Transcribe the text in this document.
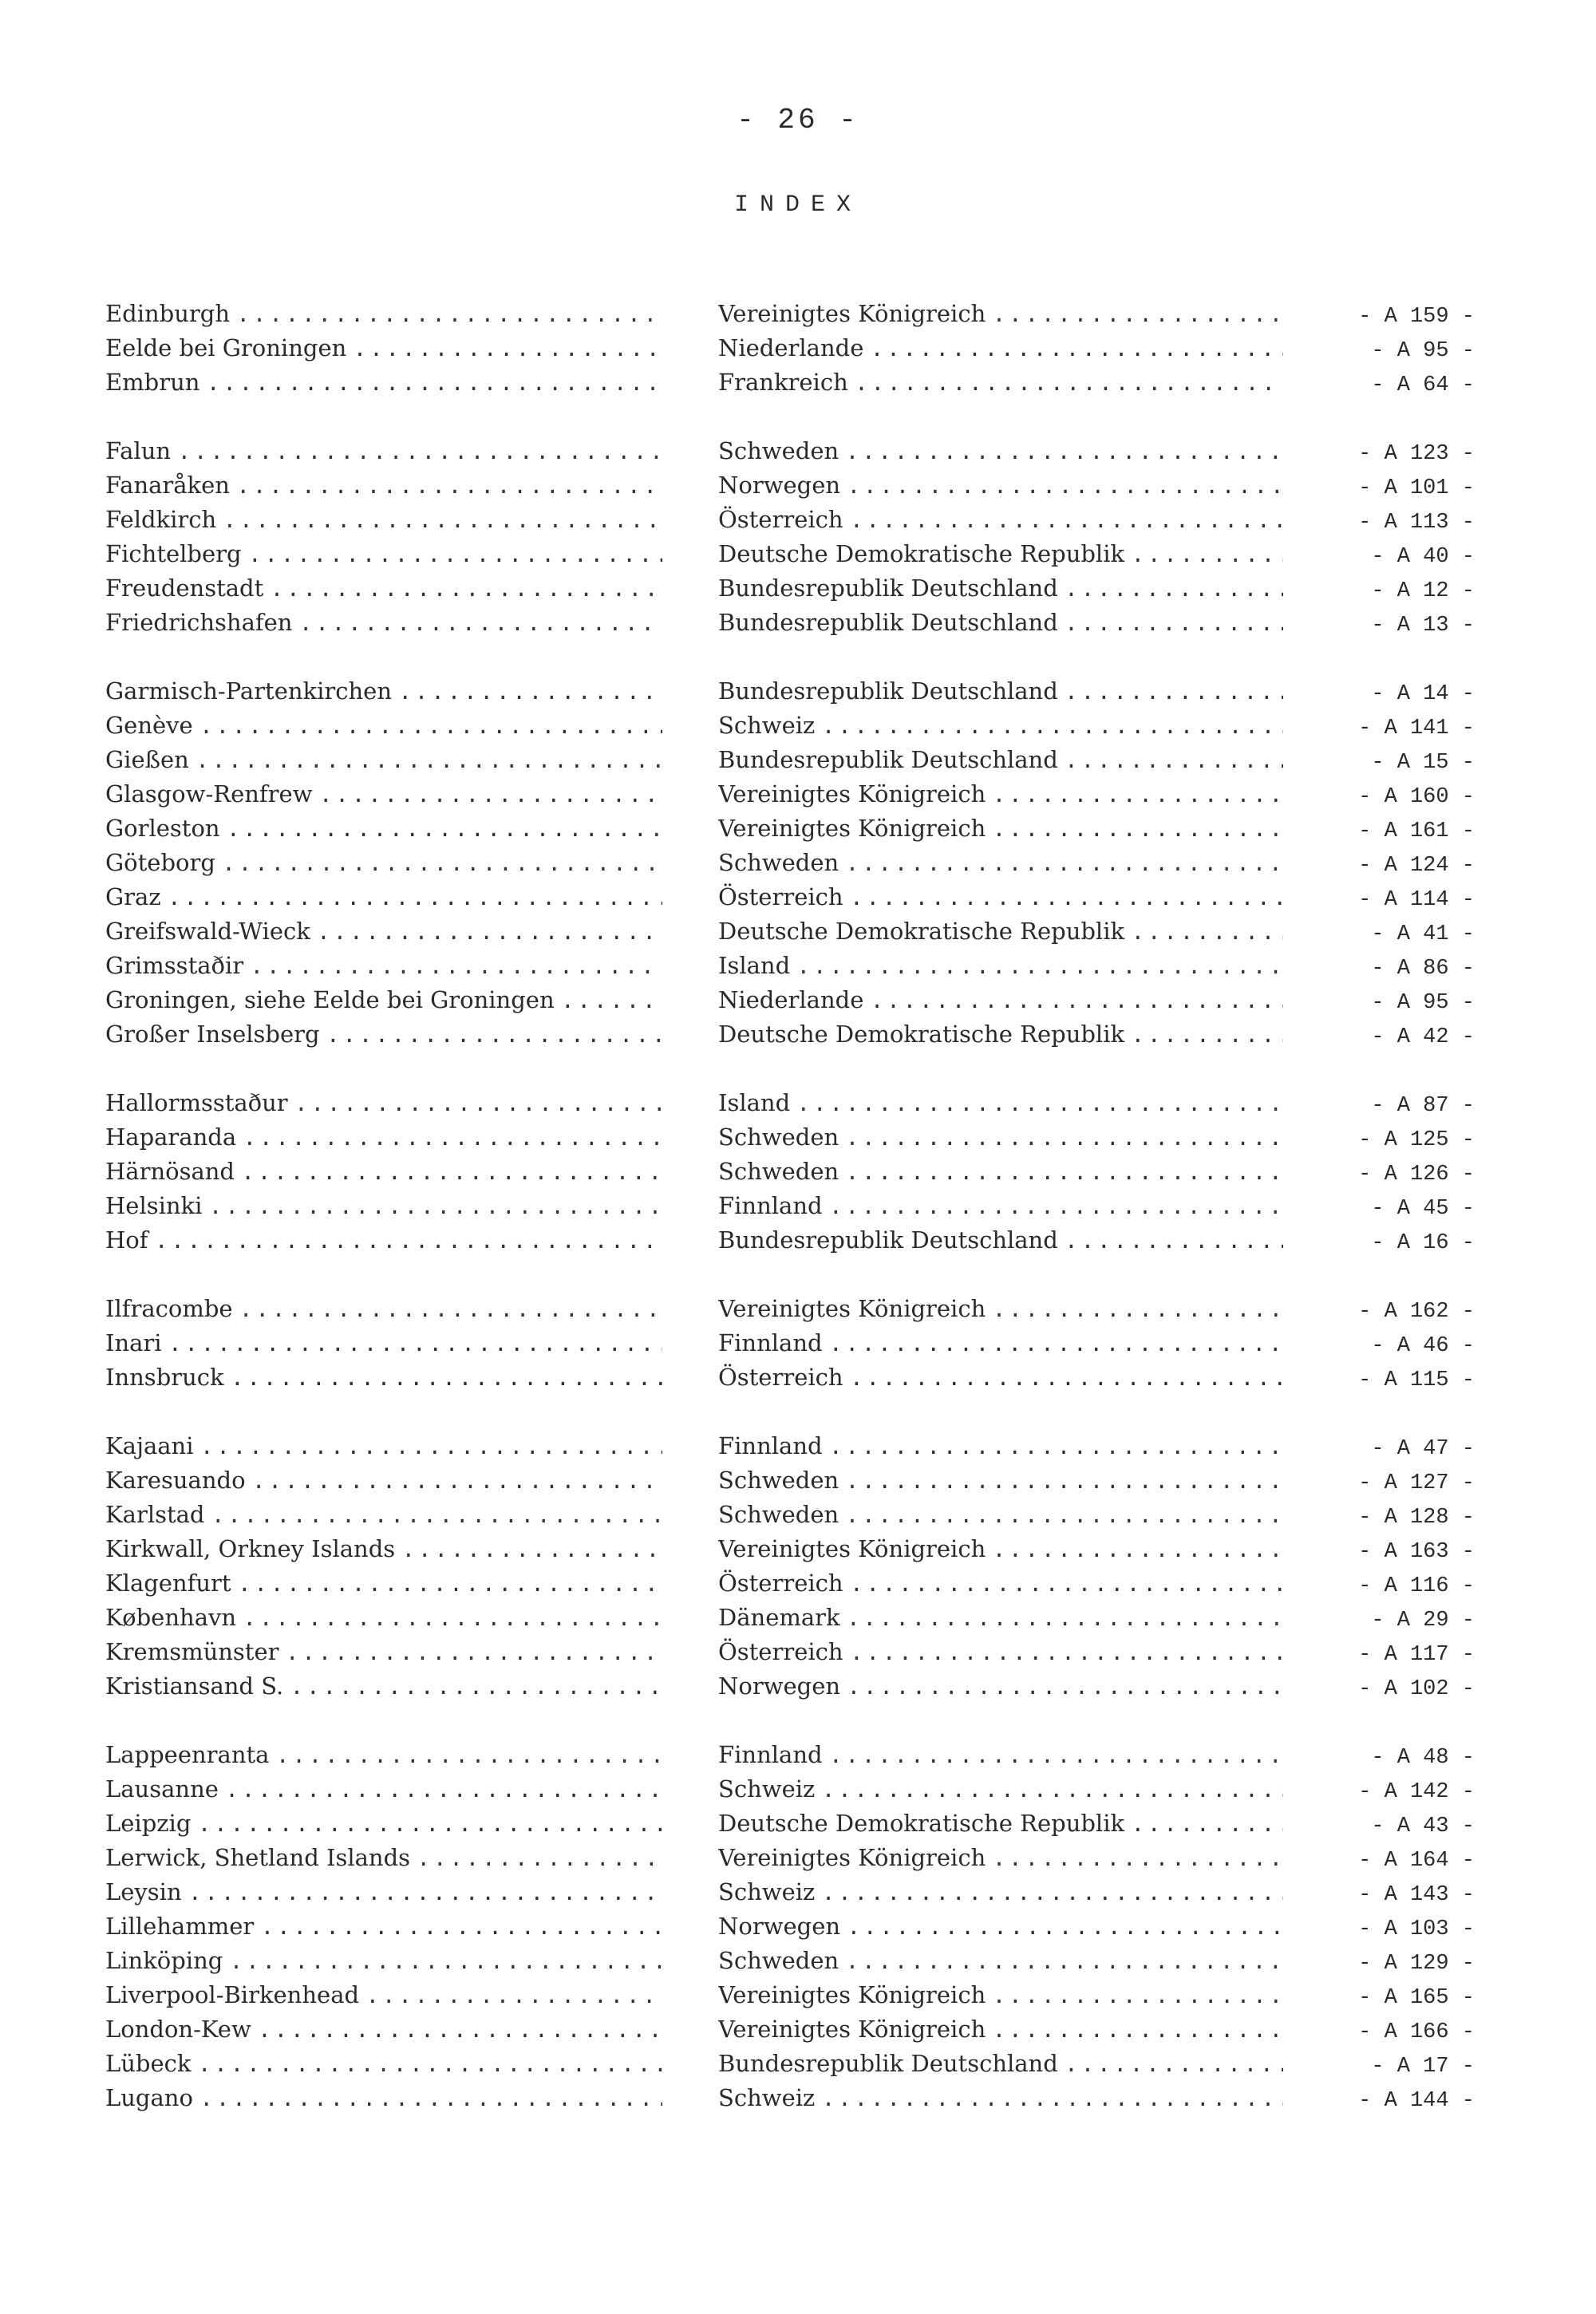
- 26 -
INDEX
Edinburgh .....	Vereinigtes Königreich .....	- A 159 -
Eelde bei Groningen .....	Niederlande .....	- A 95 -
Embrun .....	Frankreich .....	- A 64 -
Falun .....	Schweden .....	- A 123 -
Fanaråken .....	Norwegen .....	- A 101 -
Feldkirch .....	Österreich .....	- A 113 -
Fichtelberg .....	Deutsche Demokratische Republik .....	- A 40 -
Freudenstadt .....	Bundesrepublik Deutschland .....	- A 12 -
Friedrichshafen .....	Bundesrepublik Deutschland .....	- A 13 -
Garmisch-Partenkirchen .....	Bundesrepublik Deutschland .....	- A 14 -
Genève .....	Schweiz .....	- A 141 -
Gießen .....	Bundesrepublik Deutschland .....	- A 15 -
Glasgow-Renfrew .....	Vereinigtes Königreich .....	- A 160 -
Gorleston .....	Vereinigtes Königreich .....	- A 161 -
Göteborg .....	Schweden .....	- A 124 -
Graz .....	Österreich .....	- A 114 -
Greifswald-Wieck .....	Deutsche Demokratische Republik .....	- A 41 -
Grimsstaðir .....	Island .....	- A 86 -
Groningen, siehe Eelde bei Groningen .....	Niederlande .....	- A 95 -
Großer Inselsberg .....	Deutsche Demokratische Republik .....	- A 42 -
Hallormsstaður .....	Island .....	- A 87 -
Haparanda .....	Schweden .....	- A 125 -
Härnösand .....	Schweden .....	- A 126 -
Helsinki .....	Finnland .....	- A 45 -
Hof .....	Bundesrepublik Deutschland .....	- A 16 -
Ilfracombe .....	Vereinigtes Königreich .....	- A 162 -
Inari .....	Finnland .....	- A 46 -
Innsbruck .....	Österreich .....	- A 115 -
Kajaani .....	Finnland .....	- A 47 -
Karesuando .....	Schweden .....	- A 127 -
Karlstad .....	Schweden .....	- A 128 -
Kirkwall, Orkney Islands .....	Vereinigtes Königreich .....	- A 163 -
Klagenfurt .....	Österreich .....	- A 116 -
København .....	Dänemark .....	- A 29 -
Kremsmünster .....	Österreich .....	- A 117 -
Kristiansand S. .....	Norwegen .....	- A 102 -
Lappeenranta .....	Finnland .....	- A 48 -
Lausanne .....	Schweiz .....	- A 142 -
Leipzig .....	Deutsche Demokratische Republik .....	- A 43 -
Lerwick, Shetland Islands .....	Vereinigtes Königreich .....	- A 164 -
Leysin .....	Schweiz .....	- A 143 -
Lillehammer .....	Norwegen .....	- A 103 -
Linköping .....	Schweden .....	- A 129 -
Liverpool-Birkenhead .....	Vereinigtes Königreich .....	- A 165 -
London-Kew .....	Vereinigtes Königreich .....	- A 166 -
Lübeck .....	Bundesrepublik Deutschland .....	- A 17 -
Lugano .....	Schweiz .....	- A 144 -
